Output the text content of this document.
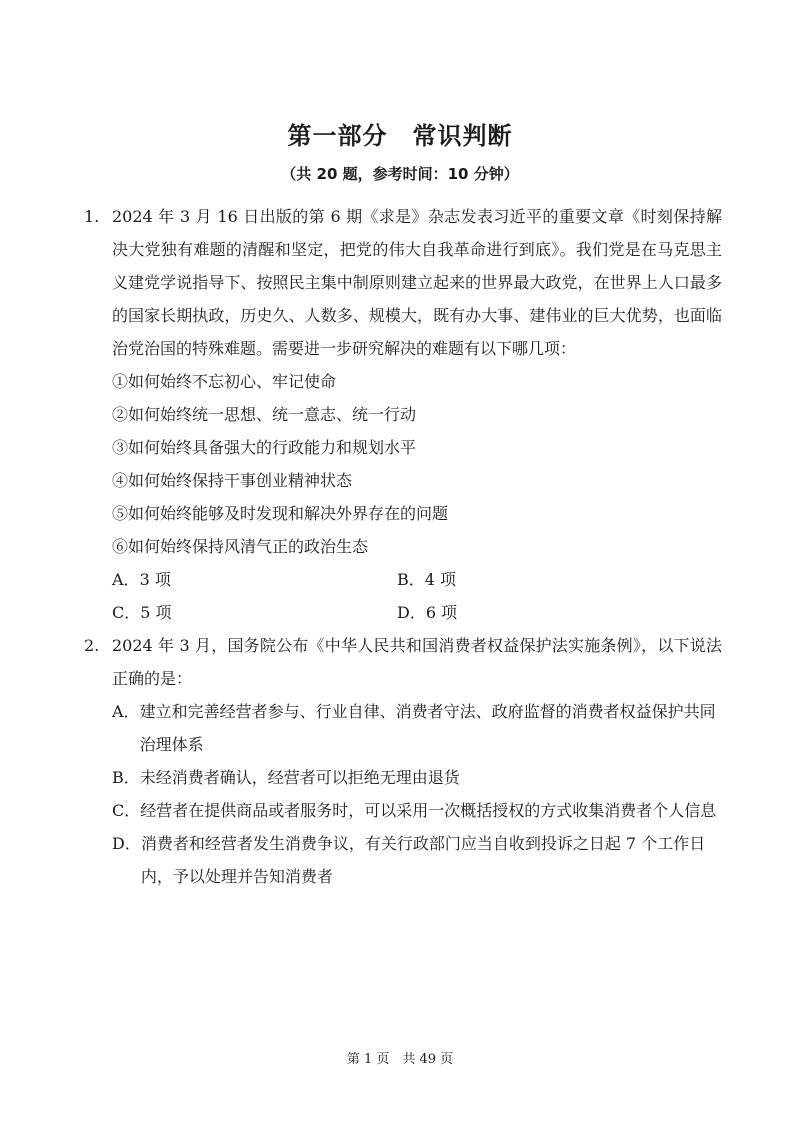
第一部分　常识判断
（共 20 题，参考时间：10 分钟）
1. 2024 年 3 月 16 日出版的第 6 期《求是》杂志发表习近平的重要文章《时刻保持解决大党独有难题的清醒和坚定，把党的伟大自我革命进行到底》。我们党是在马克思主义建党学说指导下、按照民主集中制原则建立起来的世界最大政党，在世界上人口最多的国家长期执政，历史久、人数多、规模大，既有办大事、建伟业的巨大优势，也面临治党治国的特殊难题。需要进一步研究解决的难题有以下哪几项：
①如何始终不忘初心、牢记使命
②如何始终统一思想、统一意志、统一行动
③如何始终具备强大的行政能力和规划水平
④如何始终保持干事创业精神状态
⑤如何始终能够及时发现和解决外界存在的问题
⑥如何始终保持风清气正的政治生态
A． 3 项	B． 4 项
C． 5 项	D． 6 项
2. 2024 年 3 月，国务院公布《中华人民共和国消费者权益保护法实施条例》，以下说法正确的是：
A． 建立和完善经营者参与、行业自律、消费者守法、政府监督的消费者权益保护共同治理体系
B． 未经消费者确认，经营者可以拒绝无理由退货
C． 经营者在提供商品或者服务时，可以采用一次概括授权的方式收集消费者个人信息
D． 消费者和经营者发生消费争议，有关行政部门应当自收到投诉之日起 7 个工作日内，予以处理并告知消费者
第 1 页　共 49 页
